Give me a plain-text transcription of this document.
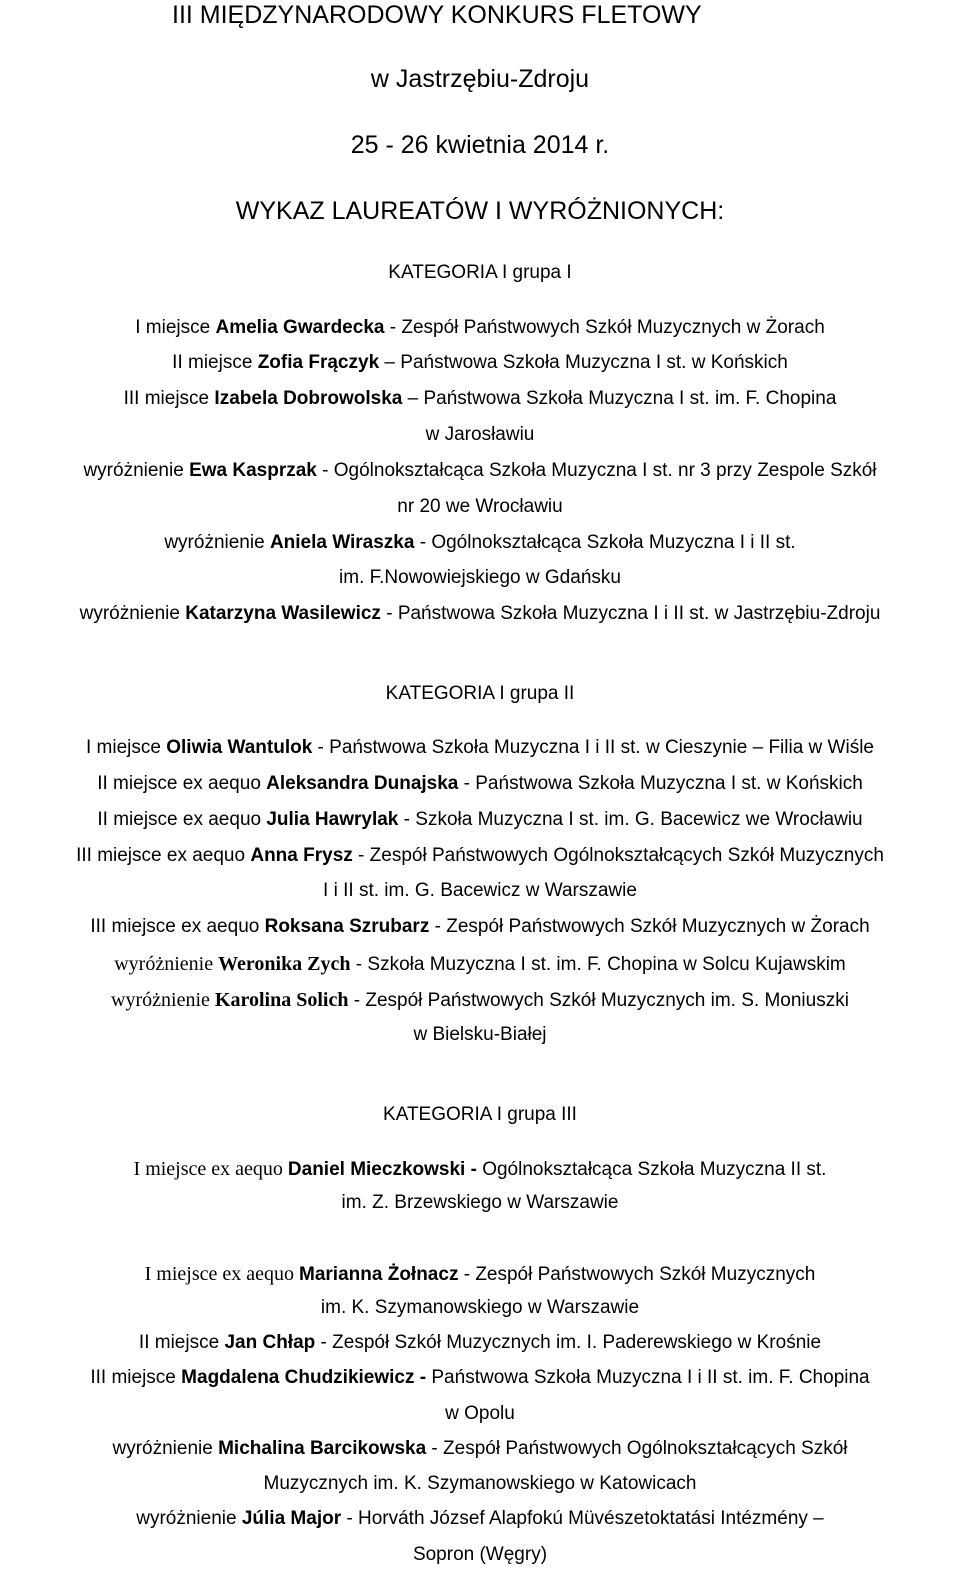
III MIĘDZYNARODOWY KONKURS FLETOWY
w Jastrzębiu-Zdroju
25 - 26 kwietnia 2014 r.
WYKAZ LAUREATÓW I WYRÓŻNIONYCH:
KATEGORIA I grupa I
I miejsce Amelia Gwardecka - Zespół Państwowych Szkół Muzycznych w Żorach
II miejsce Zofia Frączyk – Państwowa Szkoła Muzyczna I st. w Końskich
III miejsce Izabela Dobrowolska – Państwowa Szkoła Muzyczna I st. im. F. Chopina
w Jarosławiu
wyróżnienie Ewa Kasprzak - Ogólnokształcąca Szkoła Muzyczna I st. nr 3 przy Zespole Szkół
nr 20 we Wrocławiu
wyróżnienie Aniela Wiraszka - Ogólnokształcąca Szkoła Muzyczna I i II st.
im. F.Nowowiejskiego w Gdańsku
wyróżnienie Katarzyna Wasilewicz - Państwowa Szkoła Muzyczna I i II st. w Jastrzębiu-Zdroju
KATEGORIA I grupa II
I miejsce Oliwia Wantulok - Państwowa Szkoła Muzyczna I i II st. w Cieszynie – Filia w Wiśle
II miejsce ex aequo Aleksandra Dunajska - Państwowa Szkoła Muzyczna I st. w Końskich
II miejsce ex aequo Julia Hawrylak - Szkoła Muzyczna I st. im. G. Bacewicz we Wrocławiu
III miejsce ex aequo Anna Frysz - Zespół Państwowych Ogólnokształcących Szkół Muzycznych
I i II st. im. G. Bacewicz w Warszawie
III miejsce ex aequo Roksana Szrubarz - Zespół Państwowych Szkół Muzycznych w Żorach
wyróżnienie Weronika Zych - Szkoła Muzyczna I st. im. F. Chopina w Solcu Kujawskim
wyróżnienie Karolina Solich - Zespół Państwowych Szkół Muzycznych im. S. Moniuszki
w Bielsku-Białej
KATEGORIA I grupa III
I miejsce ex aequo Daniel Mieczkowski - Ogólnokształcąca Szkoła Muzyczna II st.
im. Z. Brzewskiego w Warszawie
I miejsce ex aequo Marianna Żołnacz - Zespół Państwowych Szkół Muzycznych
im. K. Szymanowskiego w Warszawie
II miejsce Jan Chłap - Zespół Szkół Muzycznych im. I. Paderewskiego w Krośnie
III miejsce Magdalena Chudzikiewicz - Państwowa Szkoła Muzyczna I i II st. im. F. Chopina
w Opolu
wyróżnienie Michalina Barcikowska - Zespół Państwowych Ogólnokształcących Szkół
Muzycznych im. K. Szymanowskiego w Katowicach
wyróżnienie Júlia Major - Horváth József Alapfokú Müvészetoktatási Intézmény –
Sopron (Węgry)
